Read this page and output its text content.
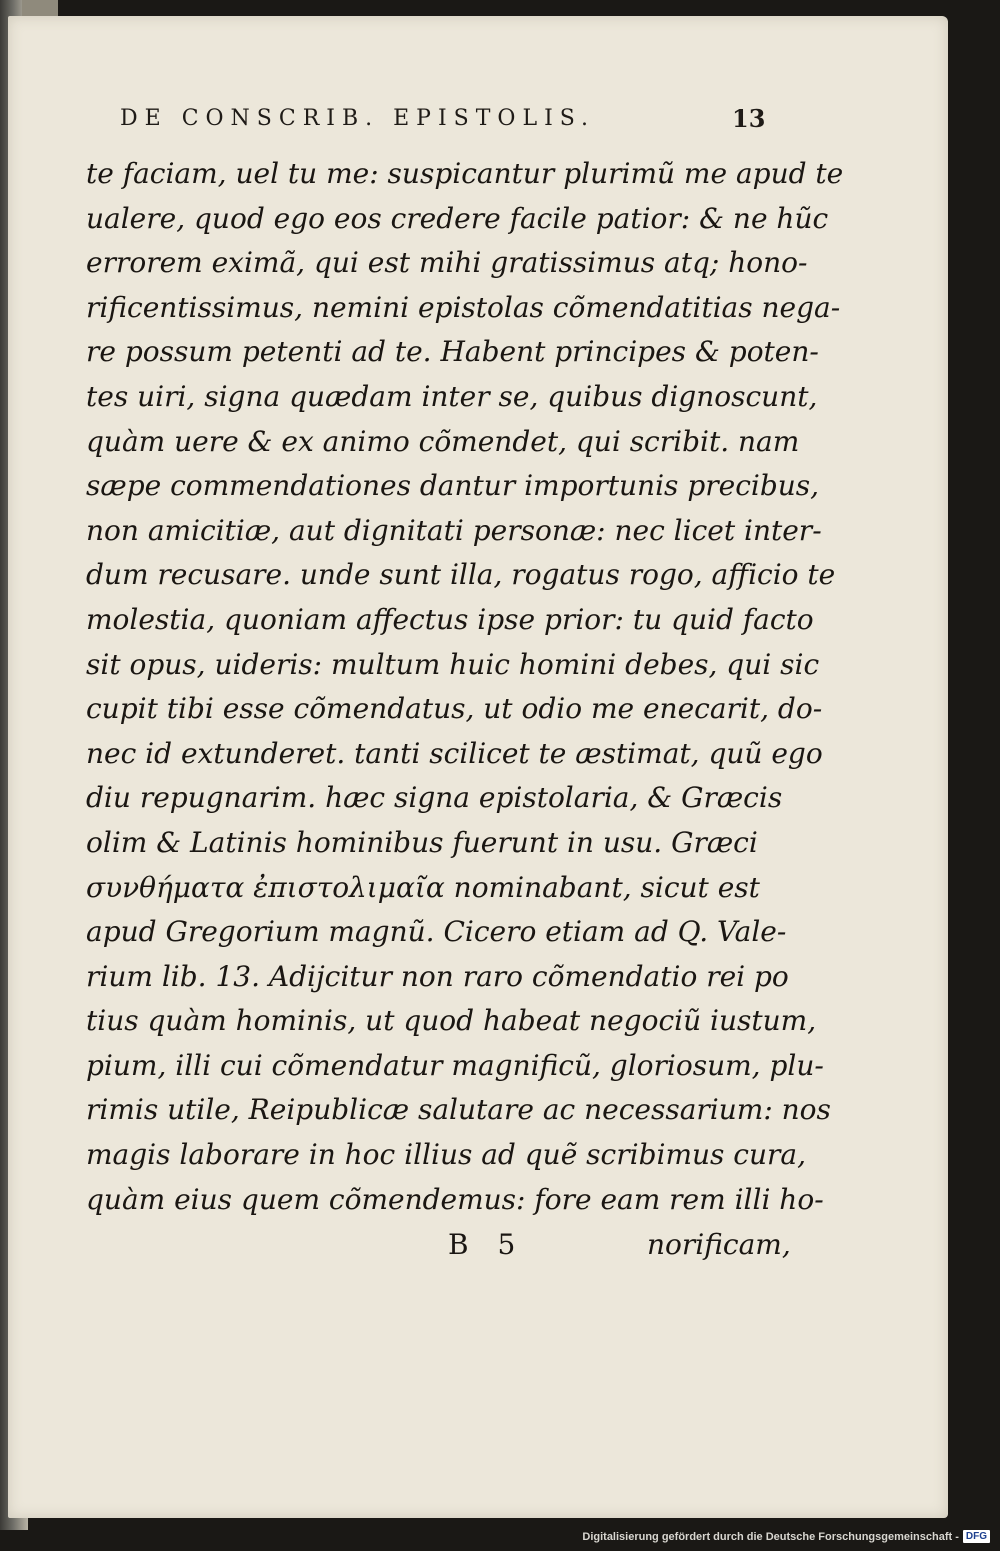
DE CONSCRIB. EPISTOLIS.	13
te faciam, uel tu me: suspicantur plurimũ me apud te
ualere, quod ego eos credere facile patior: & ne hũc
errorem eximã, qui est mihi gratissimus atq; hono-
rificentissimus, nemini epistolas cõmendatitias nega-
re possum petenti ad te. Habent principes & poten-
tes uiri, signa quædam inter se, quibus dignoscunt,
quàm uere & ex animo cõmendet, qui scribit. nam
sæpe commendationes dantur importunis precibus,
non amicitiæ, aut dignitati personæ: nec licet inter-
dum recusare. unde sunt illa, rogatus rogo, afficio te
molestia, quoniam affectus ipse prior: tu quid facto
sit opus, uideris: multum huic homini debes, qui sic
cupit tibi esse cõmendatus, ut odio me enecarit, do-
nec id extunderet. tanti scilicet te æstimat, quũ ego
diu repugnarim. hæc signa epistolaria, & Græcis
olim & Latinis hominibus fuerunt in usu. Græci
συνθήματα ἐπιστολιμαῖα nominabant, sicut est
apud Gregorium magnũ. Cicero etiam ad Q. Vale-
rium lib. 13. Adijcitur non raro cõmendatio rei po
tius quàm hominis, ut quod habeat negociũ iustum,
pium, illi cui cõmendatur magnificũ, gloriosum, plu-
rimis utile, Reipublicæ salutare ac necessarium: nos
magis laborare in hoc illius ad quẽ scribimus cura,
quàm eius quem cõmendemus: fore eam rem illi ho-
B 5	norificam,
Digitalisierung gefördert durch die Deutsche Forschungsgemeinschaft - DFG
